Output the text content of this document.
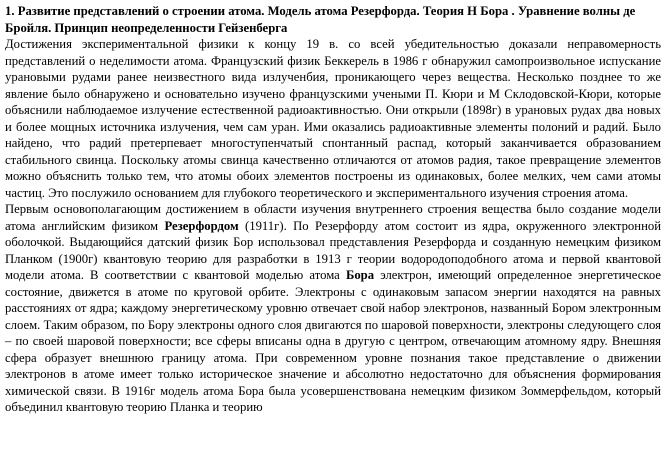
1. Развитие представлений о строении атома. Модель атома Резерфорда. Теория Н Бора . Уравнение волны де Бройля. Принцип неопределенности Гейзенберга

Достижения экспериментальной физики к концу 19 в. со всей убедительностью доказали неправомерность представлений о неделимости атома. Французский физик Беккерель в 1986 г обнаружил самопроизвольное испускание урановыми рудами ранее неизвестного вида излученбия, проникающего через вещества. Несколько позднее то же явление было обнаружено и основательно изучено французскими учеными П. Кюри и М Склодовской-Кюри, которые объяснили наблюдаемое излучение естественной радиоактивностью. Они открыли (1898г) в урановых рудах два новых и более мощных источника излучения, чем сам уран. Ими оказались радиоактивные элементы полоний и радий. Было найдено, что радий претерпевает многоступенчатый спонтанный распад, который заканчивается образованием стабильного свинца. Поскольку атомы свинца качественно отличаются от атомов радия, такое превращение элементов можно объяснить только тем, что атомы обоих элементов построены из одинаковых, более мелких, чем сами атомы частиц. Это послужило основанием для глубокого теоретического и экспериментального изучения строения атома.

Первым основополагающим достижением в области изучения внутреннего строения вещества было создание модели атома английским физиком Резерфордом (1911г). По Резерфорду атом состоит из ядра, окруженного электронной оболочкой. Выдающийся датский физик Бор использовал представления Резерфорда и созданную немецким физиком Планком (1900г) квантовую теорию для разработки в 1913 г теории водородоподобного атома и первой квантовой модели атома. В соответствии с квантовой моделью атома Бора электрон, имеющий определенное энергетическое состояние, движется в атоме по круговой орбите. Электроны с одинаковым запасом энергии находятся на равных расстояниях от ядра; каждому энергетическому уровню отвечает свой набор электронов, названный Бором электронным слоем. Таким образом, по Бору электроны одного слоя двигаются по шаровой поверхности, электроны следующего слоя – по своей шаровой поверхности; все сферы вписаны одна в другую с центром, отвечающим атомному ядру. Внешняя сфера образует внешнюю границу атома. При современном уровне познания такое представление о движении электронов в атоме имеет только историческое значение и абсолютно недостаточно для объяснения формирования химической связи. В 1916г модель атома Бора была усовершенствована немецким физиком Зоммерфельдом, который объединил квантовую теорию Планка и теорию
